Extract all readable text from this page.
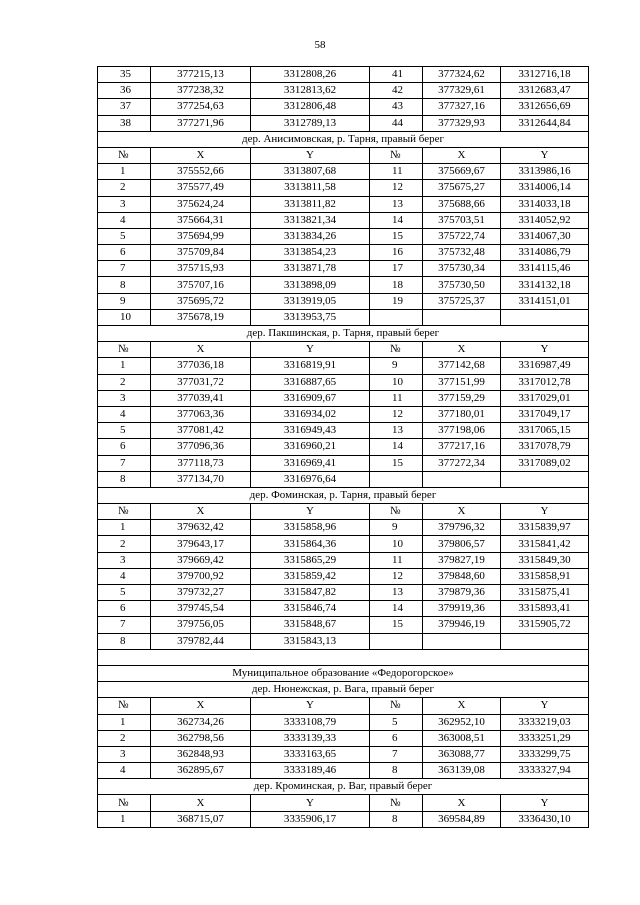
58
35	377215,13	3312808,26	41	377324,62	3312716,18
36	377238,32	3312813,62	42	377329,61	3312683,47
37	377254,63	3312806,48	43	377327,16	3312656,69
38	377271,96	3312789,13	44	377329,93	3312644,84
дер. Анисимовская, р. Тарня, правый берег					
№	X	Y	№	X	Y
1	375552,66	3313807,68	11	375669,67	3313986,16
2	375577,49	3313811,58	12	375675,27	3314006,14
3	375624,24	3313811,82	13	375688,66	3314033,18
4	375664,31	3313821,34	14	375703,51	3314052,92
5	375694,99	3313834,26	15	375722,74	3314067,30
6	375709,84	3313854,23	16	375732,48	3314086,79
7	375715,93	3313871,78	17	375730,34	3314115,46
8	375707,16	3313898,09	18	375730,50	3314132,18
9	375695,72	3313919,05	19	375725,37	3314151,01
10	375678,19	3313953,75			
дер. Пакшинская, р. Тарня, правый берег					
№	X	Y	№	X	Y
1	377036,18	3316819,91	9	377142,68	3316987,49
2	377031,72	3316887,65	10	377151,99	3317012,78
3	377039,41	3316909,67	11	377159,29	3317029,01
4	377063,36	3316934,02	12	377180,01	3317049,17
5	377081,42	3316949,43	13	377198,06	3317065,15
6	377096,36	3316960,21	14	377217,16	3317078,79
7	377118,73	3316969,41	15	377272,34	3317089,02
8	377134,70	3316976,64			
дер. Фоминская, р. Тарня, правый берег					
№	X	Y	№	X	Y
1	379632,42	3315858,96	9	379796,32	3315839,97
2	379643,17	3315864,36	10	379806,57	3315841,42
3	379669,42	3315865,29	11	379827,19	3315849,30
4	379700,92	3315859,42	12	379848,60	3315858,91
5	379732,27	3315847,82	13	379879,36	3315875,41
6	379745,54	3315846,74	14	379919,36	3315893,41
7	379756,05	3315848,67	15	379946,19	3315905,72
8	379782,44	3315843,13			

Муниципальное образование «Федорогорское»					
дер. Нюнежская, р. Вага, правый берег					
№	X	Y	№	X	Y
1	362734,26	3333108,79	5	362952,10	3333219,03
2	362798,56	3333139,33	6	363008,51	3333251,29
3	362848,93	3333163,65	7	363088,77	3333299,75
4	362895,67	3333189,46	8	363139,08	3333327,94
дер. Кроминская, р. Ваг, правый берег					
№	X	Y	№	X	Y
1	368715,07	3335906,17	8	369584,89	3336430,10
